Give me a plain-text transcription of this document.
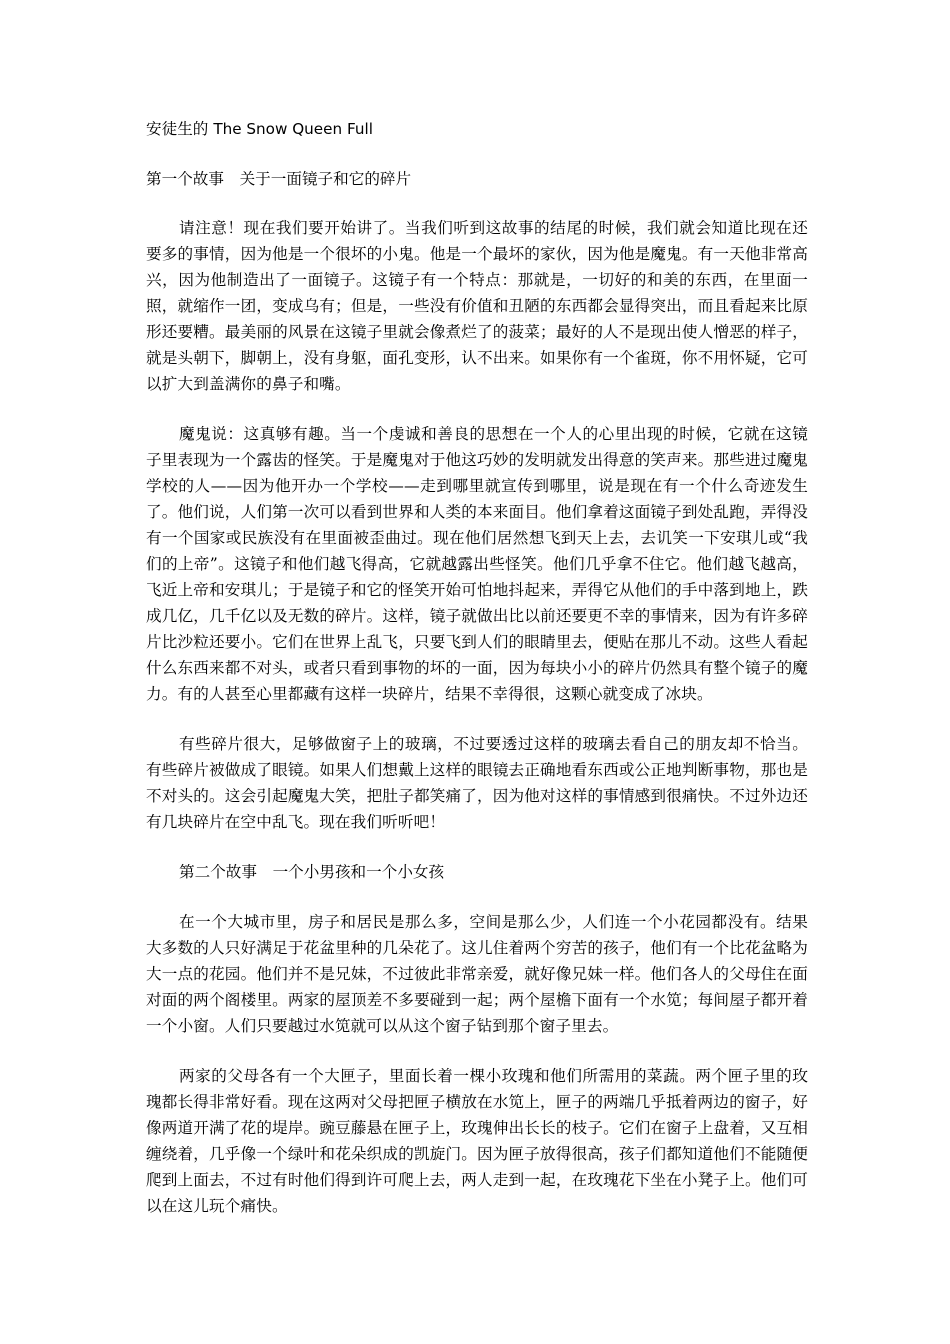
安徒生的 The Snow Queen Full

第一个故事　关于一面镜子和它的碎片

请注意！现在我们要开始讲了。当我们听到这故事的结尾的时候，我们就会知道比现在还要多的事情，因为他是一个很坏的小鬼。他是一个最坏的家伙，因为他是魔鬼。有一天他非常高兴，因为他制造出了一面镜子。这镜子有一个特点：那就是，一切好的和美的东西，在里面一照，就缩作一团，变成乌有；但是，一些没有价值和丑陋的东西都会显得突出，而且看起来比原形还要糟。最美丽的风景在这镜子里就会像煮烂了的菠菜；最好的人不是现出使人憎恶的样子，就是头朝下，脚朝上，没有身躯，面孔变形，认不出来。如果你有一个雀斑，你不用怀疑，它可以扩大到盖满你的鼻子和嘴。

魔鬼说：这真够有趣。当一个虔诚和善良的思想在一个人的心里出现的时候，它就在这镜子里表现为一个露齿的怪笑。于是魔鬼对于他这巧妙的发明就发出得意的笑声来。那些进过魔鬼学校的人——因为他开办一个学校——走到哪里就宣传到哪里，说是现在有一个什么奇迹发生了。他们说，人们第一次可以看到世界和人类的本来面目。他们拿着这面镜子到处乱跑，弄得没有一个国家或民族没有在里面被歪曲过。现在他们居然想飞到天上去，去讥笑一下安琪儿或“我们的上帝”。这镜子和他们越飞得高，它就越露出些怪笑。他们几乎拿不住它。他们越飞越高，飞近上帝和安琪儿；于是镜子和它的怪笑开始可怕地抖起来，弄得它从他们的手中落到地上，跌成几亿，几千亿以及无数的碎片。这样，镜子就做出比以前还要更不幸的事情来，因为有许多碎片比沙粒还要小。它们在世界上乱飞，只要飞到人们的眼睛里去，便贴在那儿不动。这些人看起什么东西来都不对头，或者只看到事物的坏的一面，因为每块小小的碎片仍然具有整个镜子的魔力。有的人甚至心里都藏有这样一块碎片，结果不幸得很，这颗心就变成了冰块。

有些碎片很大，足够做窗子上的玻璃，不过要透过这样的玻璃去看自己的朋友却不恰当。有些碎片被做成了眼镜。如果人们想戴上这样的眼镜去正确地看东西或公正地判断事物，那也是不对头的。这会引起魔鬼大笑，把肚子都笑痛了，因为他对这样的事情感到很痛快。不过外边还有几块碎片在空中乱飞。现在我们听听吧！

第二个故事　一个小男孩和一个小女孩

在一个大城市里，房子和居民是那么多，空间是那么少，人们连一个小花园都没有。结果大多数的人只好满足于花盆里种的几朵花了。这儿住着两个穷苦的孩子，他们有一个比花盆略为大一点的花园。他们并不是兄妹，不过彼此非常亲爱，就好像兄妹一样。他们各人的父母住在面对面的两个阁楼里。两家的屋顶差不多要碰到一起；两个屋檐下面有一个水笕；每间屋子都开着一个小窗。人们只要越过水笕就可以从这个窗子钻到那个窗子里去。

两家的父母各有一个大匣子，里面长着一棵小玫瑰和他们所需用的菜蔬。两个匣子里的玫瑰都长得非常好看。现在这两对父母把匣子横放在水笕上，匣子的两端几乎抵着两边的窗子，好像两道开满了花的堤岸。豌豆藤悬在匣子上，玫瑰伸出长长的枝子。它们在窗子上盘着，又互相缠绕着，几乎像一个绿叶和花朵织成的凯旋门。因为匣子放得很高，孩子们都知道他们不能随便爬到上面去，不过有时他们得到许可爬上去，两人走到一起，在玫瑰花下坐在小凳子上。他们可以在这儿玩个痛快。
